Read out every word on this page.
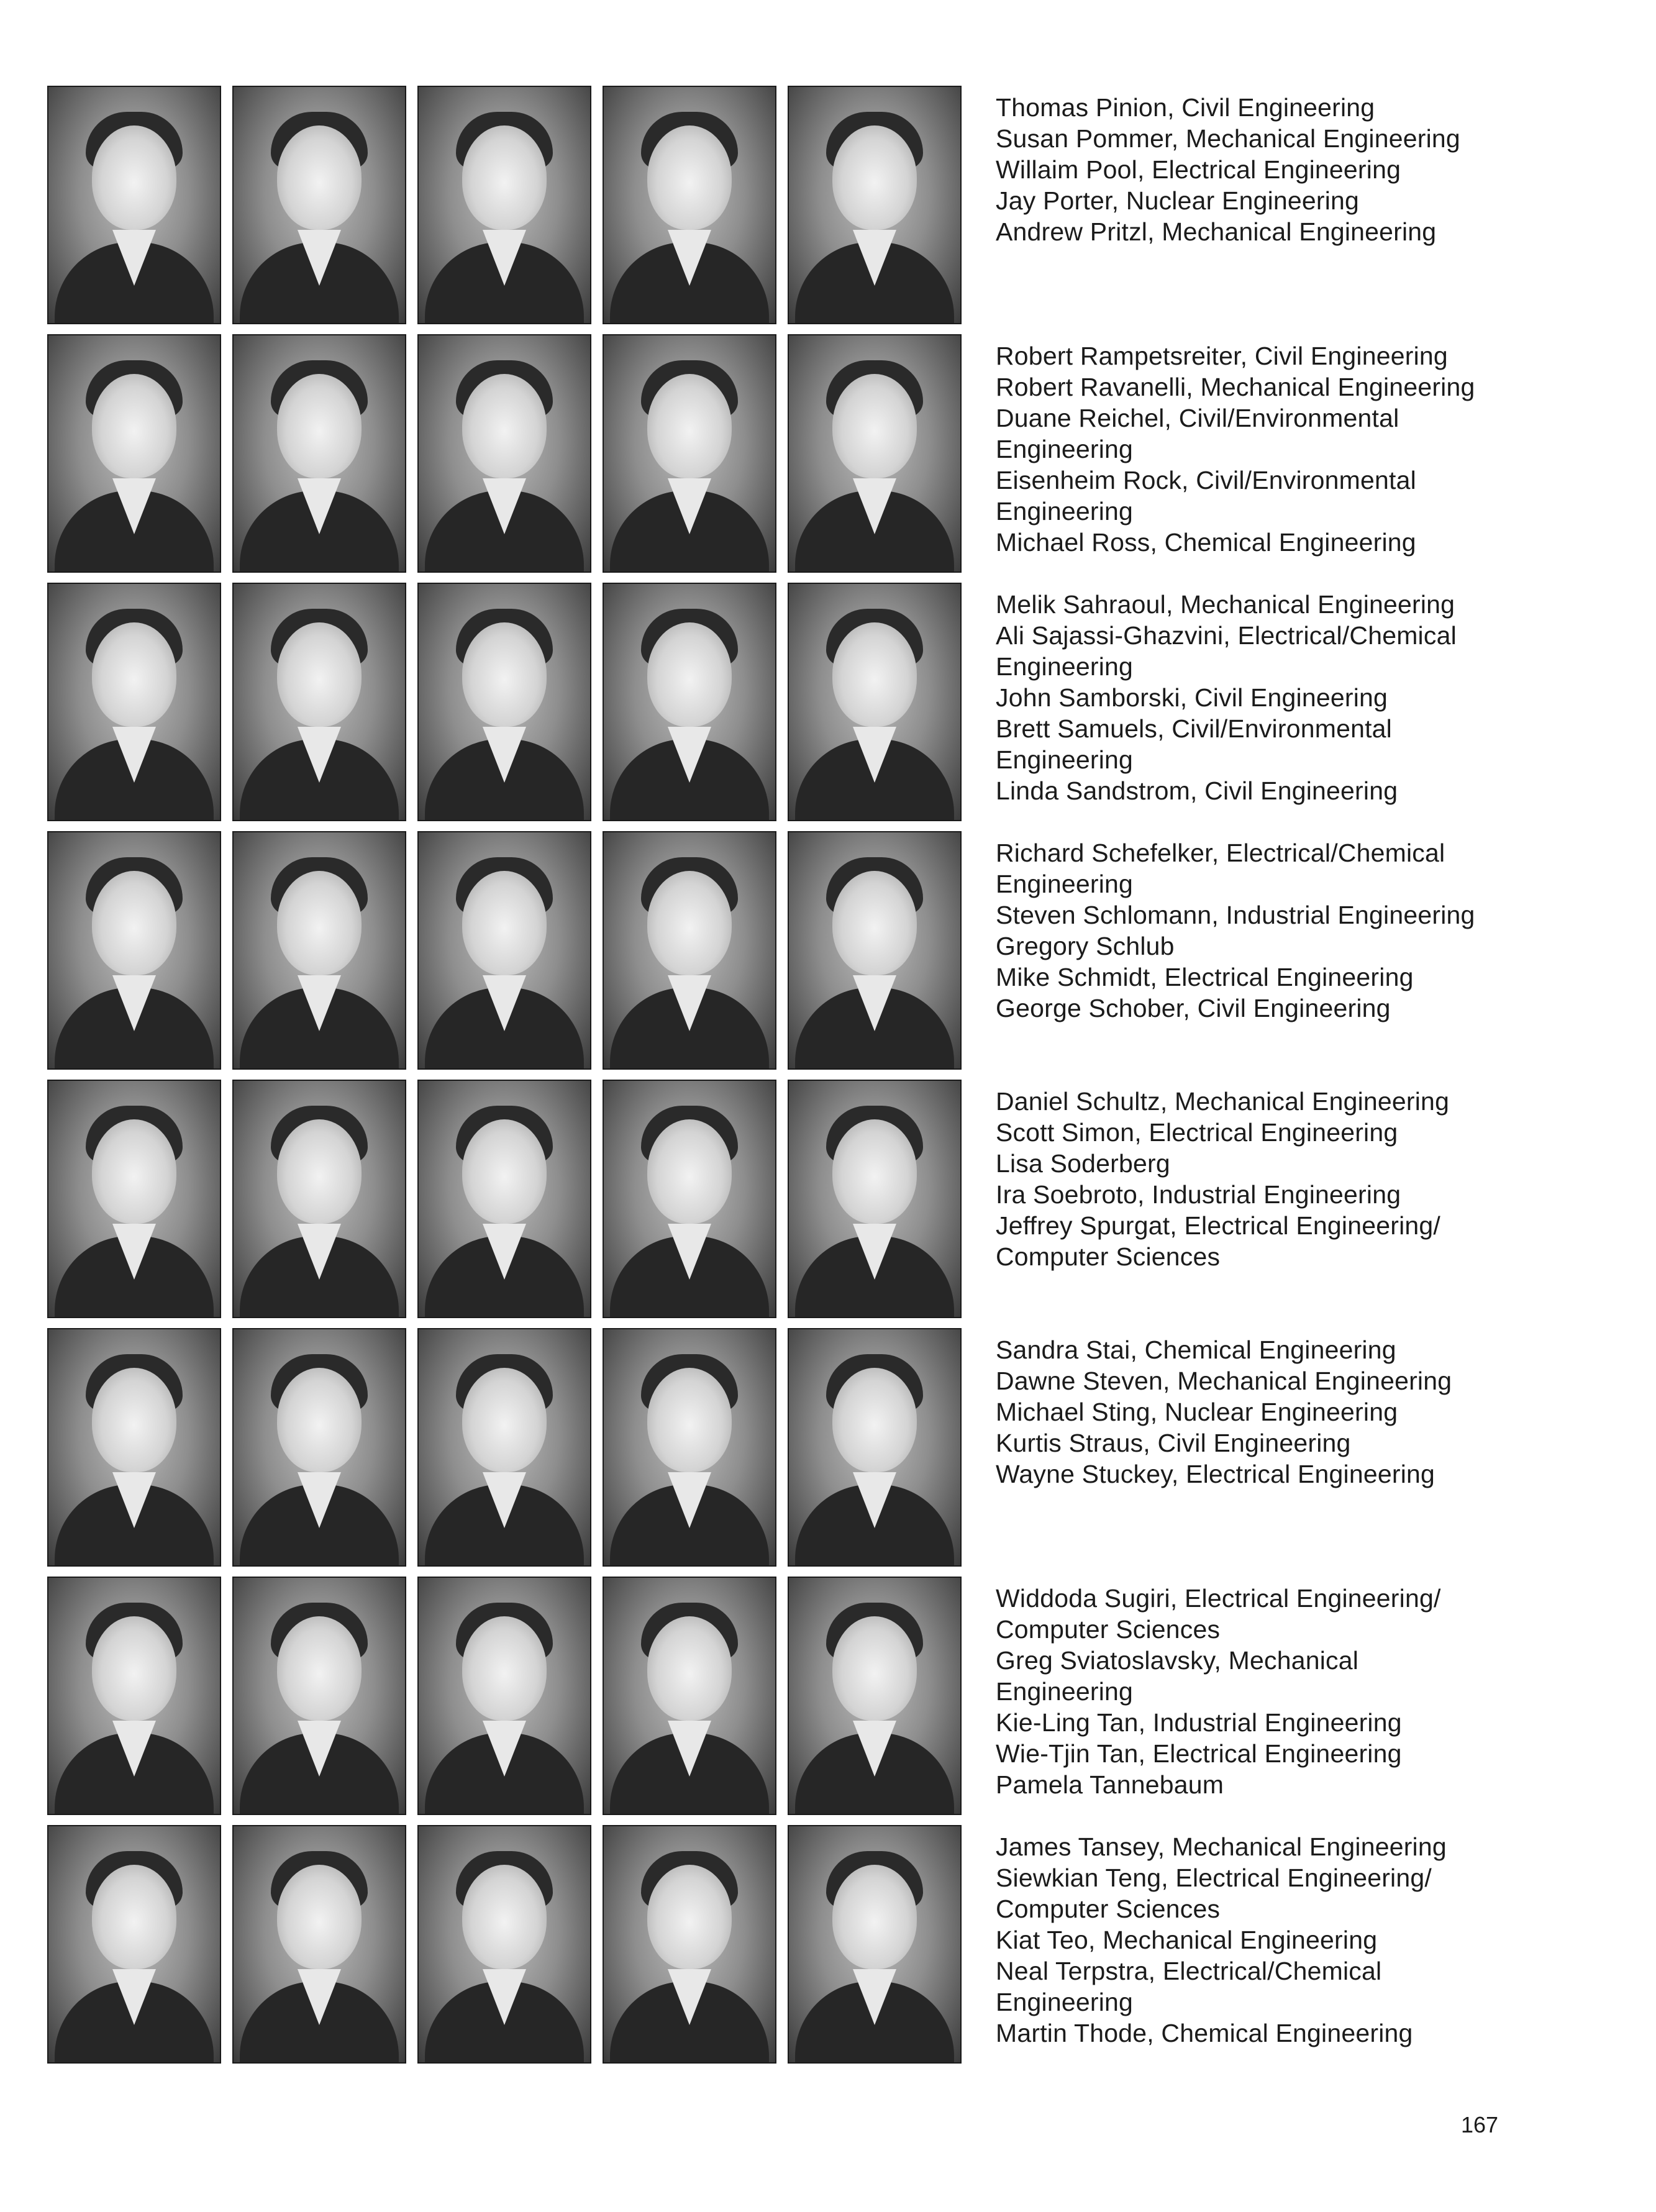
Thomas Pinion, Civil Engineering

Susan Pommer, Mechanical Engineering

Willaim Pool, Electrical Engineering

Jay Porter, Nuclear Engineering

Andrew Pritzl, Mechanical Engineering

Robert Rampetsreiter, Civil Engineering

Robert Ravanelli, Mechanical Engineering

Duane Reichel, Civil/Environmental

Engineering

Eisenheim Rock, Civil/Environmental

Engineering

Michael Ross, Chemical Engineering

Melik Sahraoul, Mechanical Engineering

Ali Sajassi-Ghazvini, Electrical/Chemical

Engineering

John Samborski, Civil Engineering

Brett Samuels, Civil/Environmental

Engineering

Linda Sandstrom, Civil Engineering

Richard Schefelker, Electrical/Chemical

Engineering

Steven Schlomann, Industrial Engineering

Gregory Schlub

Mike Schmidt, Electrical Engineering

George Schober, Civil Engineering

Daniel Schultz, Mechanical Engineering

Scott Simon, Electrical Engineering

Lisa Soderberg

Ira Soebroto, Industrial Engineering

Jeffrey Spurgat, Electrical Engineering/

Computer Sciences

Sandra Stai, Chemical Engineering

Dawne Steven, Mechanical Engineering

Michael Sting, Nuclear Engineering

Kurtis Straus, Civil Engineering

Wayne Stuckey, Electrical Engineering

Widdoda Sugiri, Electrical Engineering/

Computer Sciences

Greg Sviatoslavsky, Mechanical

Engineering

Kie-Ling Tan, Industrial Engineering

Wie-Tjin Tan, Electrical Engineering

Pamela Tannebaum

James Tansey, Mechanical Engineering

Siewkian Teng, Electrical Engineering/

Computer Sciences

Kiat Teo, Mechanical Engineering

Neal Terpstra, Electrical/Chemical

Engineering

Martin Thode, Chemical Engineering

167
